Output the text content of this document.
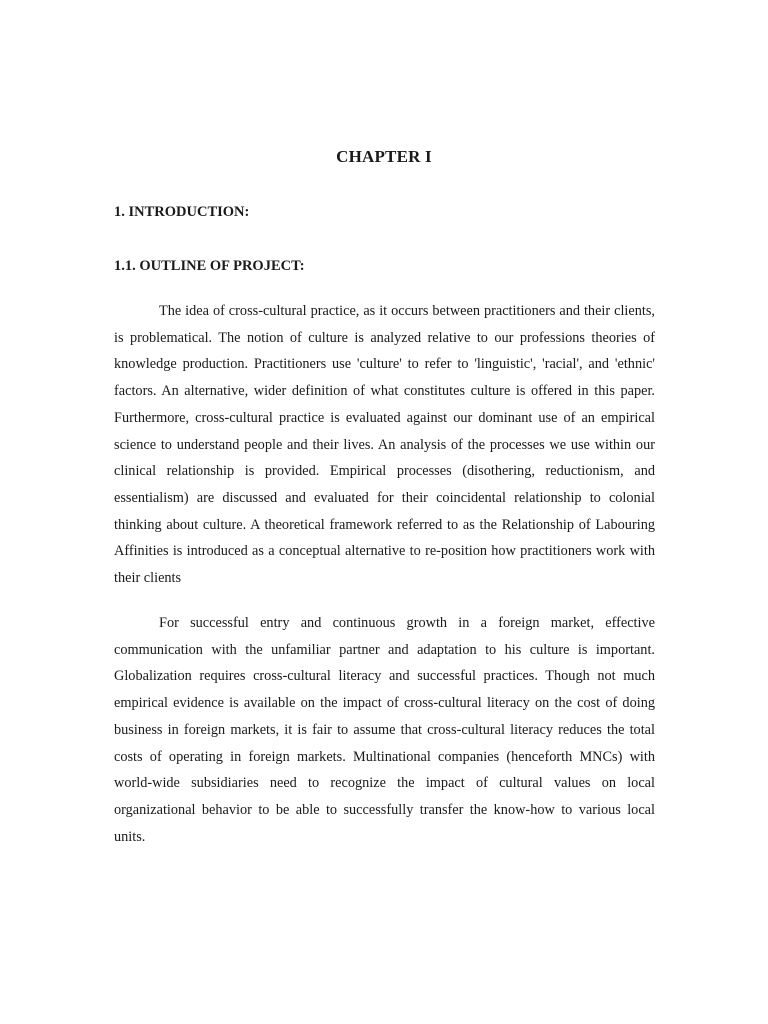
CHAPTER I
1. INTRODUCTION:
1.1. OUTLINE OF PROJECT:

The idea of cross-cultural practice, as it occurs between practitioners and their clients, is problematical. The notion of culture is analyzed relative to our professions theories of knowledge production. Practitioners use 'culture' to refer to 'linguistic', 'racial', and 'ethnic' factors. An alternative, wider definition of what constitutes culture is offered in this paper. Furthermore, cross-cultural practice is evaluated against our dominant use of an empirical science to understand people and their lives. An analysis of the processes we use within our clinical relationship is provided. Empirical processes (disothering, reductionism, and essentialism) are discussed and evaluated for their coincidental relationship to colonial thinking about culture. A theoretical framework referred to as the Relationship of Labouring Affinities is introduced as a conceptual alternative to re-position how practitioners work with their clients

For successful entry and continuous growth in a foreign market, effective communication with the unfamiliar partner and adaptation to his culture is important. Globalization requires cross-cultural literacy and successful practices. Though not much empirical evidence is available on the impact of cross-cultural literacy on the cost of doing business in foreign markets, it is fair to assume that cross-cultural literacy reduces the total costs of operating in foreign markets. Multinational companies (henceforth MNCs) with world-wide subsidiaries need to recognize the impact of cultural values on local organizational behavior to be able to successfully transfer the know-how to various local units.
